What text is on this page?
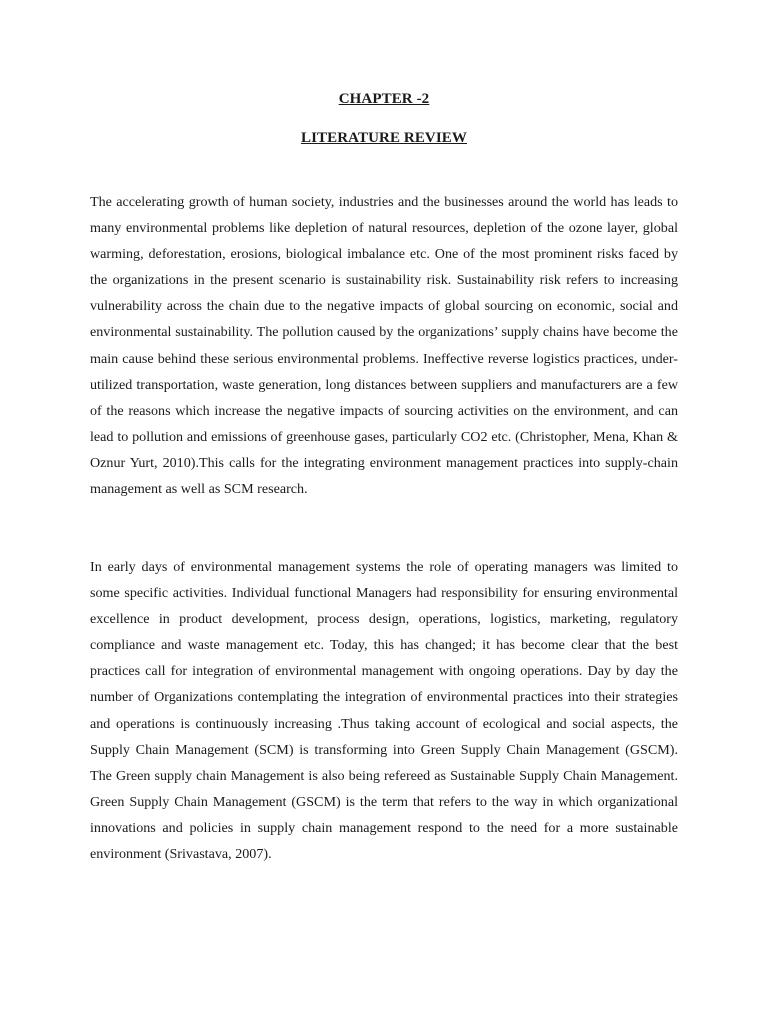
CHAPTER -2
LITERATURE REVIEW

The accelerating growth of human society, industries and the businesses around the world has leads to many environmental problems like depletion of natural resources, depletion of the ozone layer, global warming, deforestation, erosions, biological imbalance etc. One of the most prominent risks faced by the organizations in the present scenario is sustainability risk. Sustainability risk refers to increasing vulnerability across the chain due to the negative impacts of global sourcing on economic, social and environmental sustainability. The pollution caused by the organizations’ supply chains have become the main cause behind these serious environmental problems. Ineffective reverse logistics practices, under-utilized transportation, waste generation, long distances between suppliers and manufacturers are a few of the reasons which increase the negative impacts of sourcing activities on the environment, and can lead to pollution and emissions of greenhouse gases, particularly CO2 etc. (Christopher, Mena, Khan & Oznur Yurt, 2010).This calls for the integrating environment management practices into supply-chain management as well as SCM research.

In early days of environmental management systems the role of operating managers was limited to some specific activities. Individual functional Managers had responsibility for ensuring environmental excellence in product development, process design, operations, logistics, marketing, regulatory compliance and waste management etc. Today, this has changed; it has become clear that the best practices call for integration of environmental management with ongoing operations. Day by day the number of Organizations contemplating the integration of environmental practices into their strategies and operations is continuously increasing .Thus taking account of ecological and social aspects, the Supply Chain Management (SCM) is transforming into Green Supply Chain Management (GSCM). The Green supply chain Management is also being refereed as Sustainable Supply Chain Management. Green Supply Chain Management (GSCM) is the term that refers to the way in which organizational innovations and policies in supply chain management respond to the need for a more sustainable environment (Srivastava, 2007).
